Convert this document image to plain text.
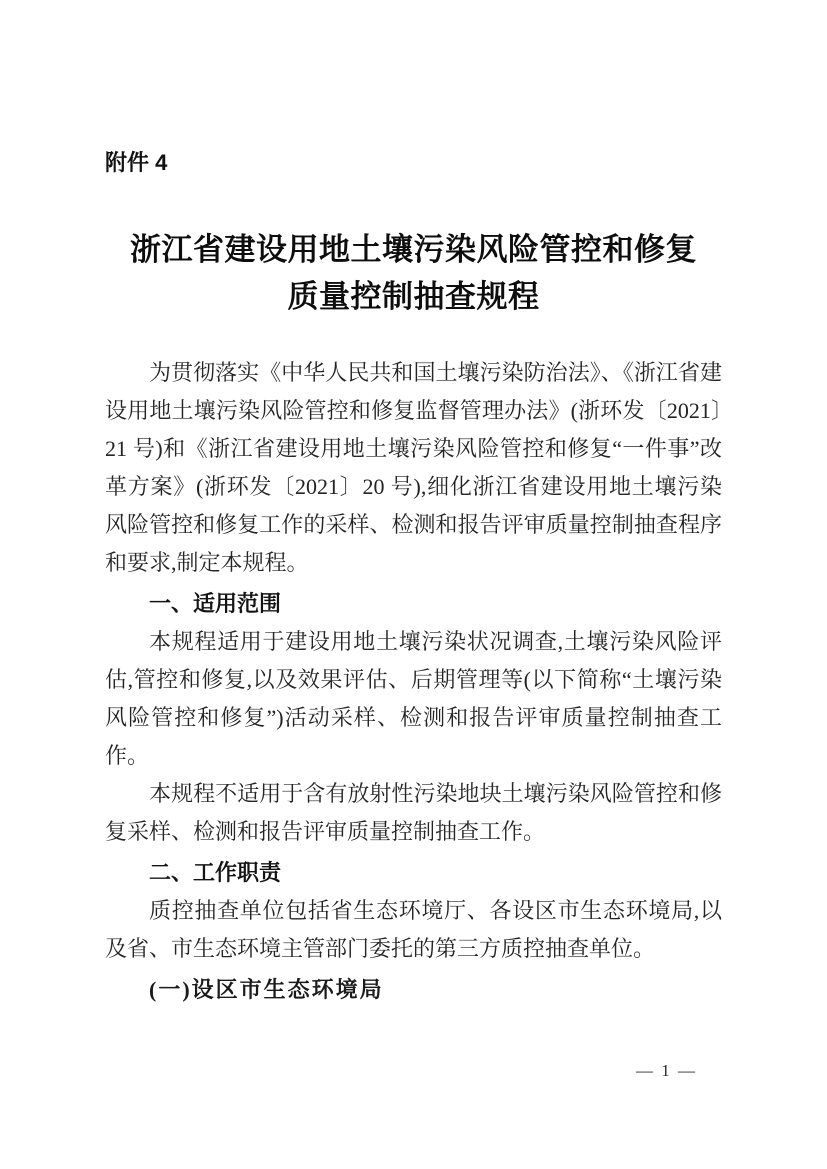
附件 4
浙江省建设用地土壤污染风险管控和修复
质量控制抽查规程

为贯彻落实《中华人民共和国土壤污染防治法》、《浙江省建设用地土壤污染风险管控和修复监督管理办法》(浙环发〔2021〕21 号)和《浙江省建设用地土壤污染风险管控和修复“一件事”改革方案》(浙环发〔2021〕20 号),细化浙江省建设用地土壤污染风险管控和修复工作的采样、检测和报告评审质量控制抽查程序和要求,制定本规程。

一、适用范围

本规程适用于建设用地土壤污染状况调查,土壤污染风险评估,管控和修复,以及效果评估、后期管理等(以下简称“土壤污染风险管控和修复”)活动采样、检测和报告评审质量控制抽查工作。

本规程不适用于含有放射性污染地块土壤污染风险管控和修复采样、检测和报告评审质量控制抽查工作。

二、工作职责

质控抽查单位包括省生态环境厅、各设区市生态环境局,以及省、市生态环境主管部门委托的第三方质控抽查单位。

(一)设区市生态环境局
— 1 —
